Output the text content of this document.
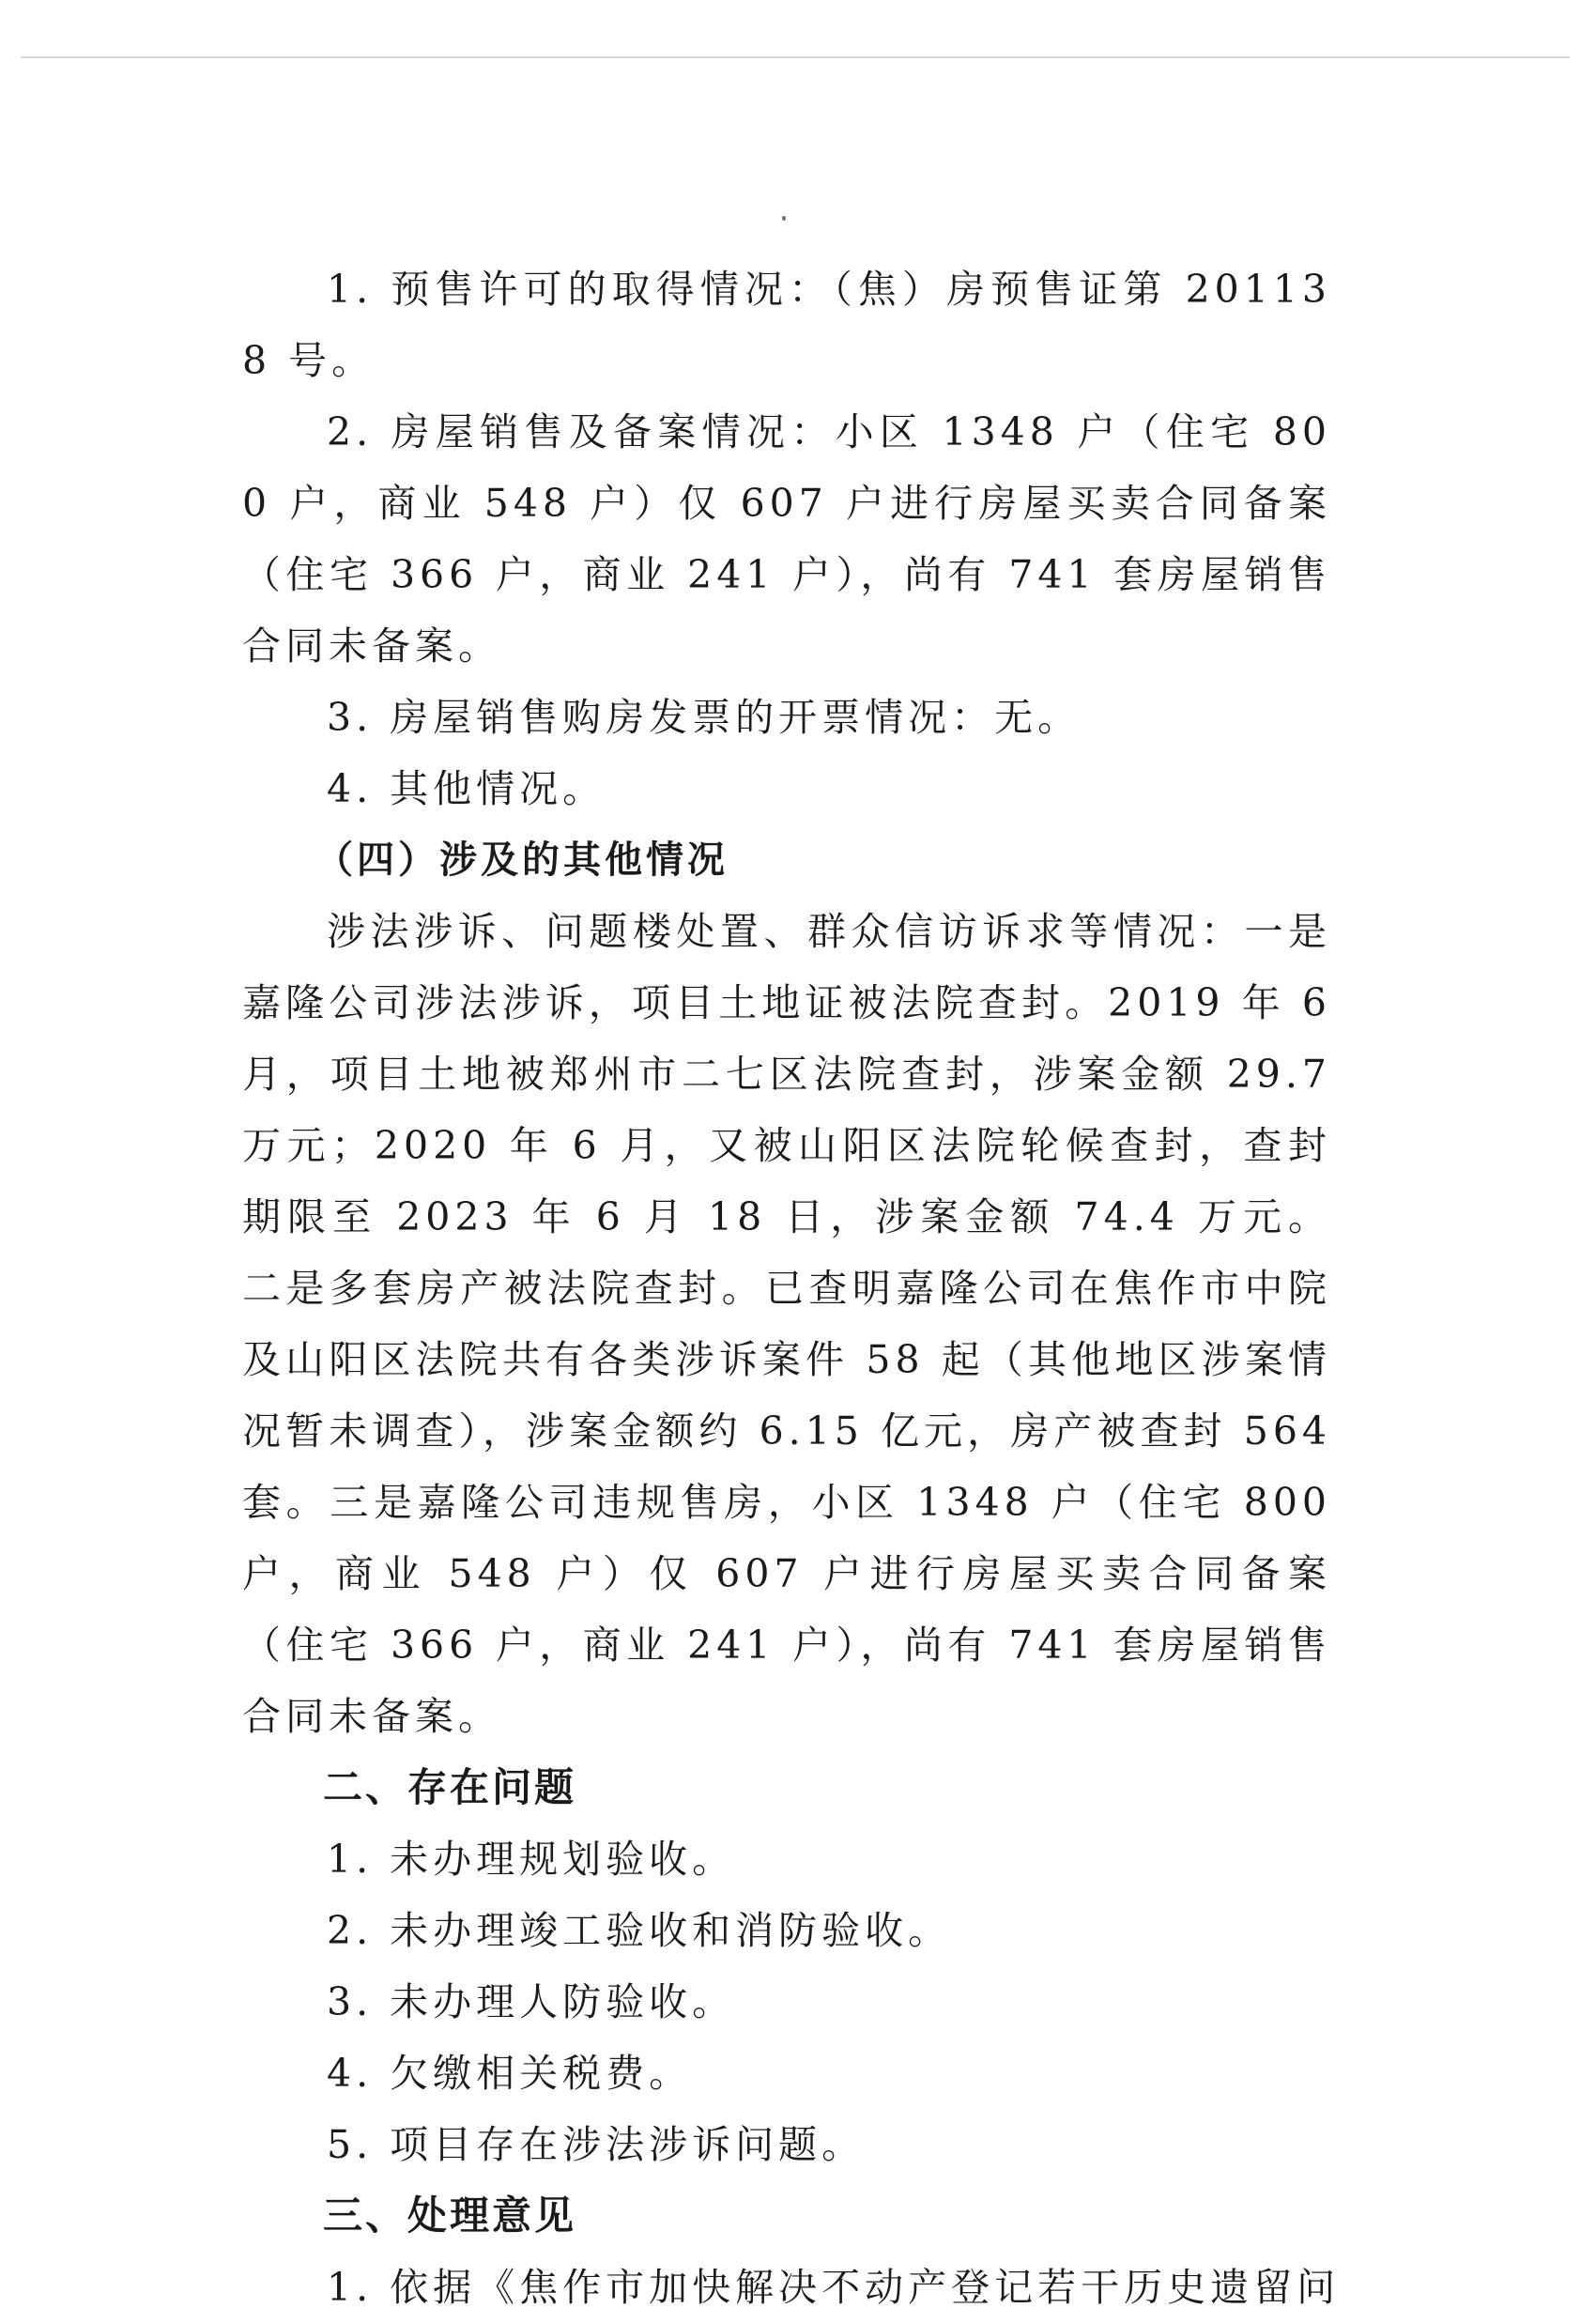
1. 预售许可的取得情况：（焦）房预售证第 201138 号。

2. 房屋销售及备案情况：小区 1348 户（住宅 800 户，商业 548 户）仅 607 户进行房屋买卖合同备案（住宅 366 户，商业 241 户），尚有 741 套房屋销售合同未备案。

3. 房屋销售购房发票的开票情况：无。

4. 其他情况。

（四）涉及的其他情况

涉法涉诉、问题楼处置、群众信访诉求等情况：一是嘉隆公司涉法涉诉，项目土地证被法院查封。2019 年 6 月，项目土地被郑州市二七区法院查封，涉案金额 29.7 万元；2020 年 6 月，又被山阳区法院轮候查封，查封期限至 2023 年 6 月 18 日，涉案金额 74.4 万元。二是多套房产被法院查封。已查明嘉隆公司在焦作市中院及山阳区法院共有各类涉诉案件 58 起（其他地区涉案情况暂未调查），涉案金额约 6.15 亿元，房产被查封 564 套。三是嘉隆公司违规售房，小区 1348 户（住宅 800 户，商业 548 户）仅 607 户进行房屋买卖合同备案（住宅 366 户，商业 241 户），尚有 741 套房屋销售合同未备案。

二、存在问题

1. 未办理规划验收。

2. 未办理竣工验收和消防验收。

3. 未办理人防验收。

4. 欠缴相关税费。

5. 项目存在涉法涉诉问题。

三、处理意见

1. 依据《焦作市加快解决不动产登记若干历史遗留问
